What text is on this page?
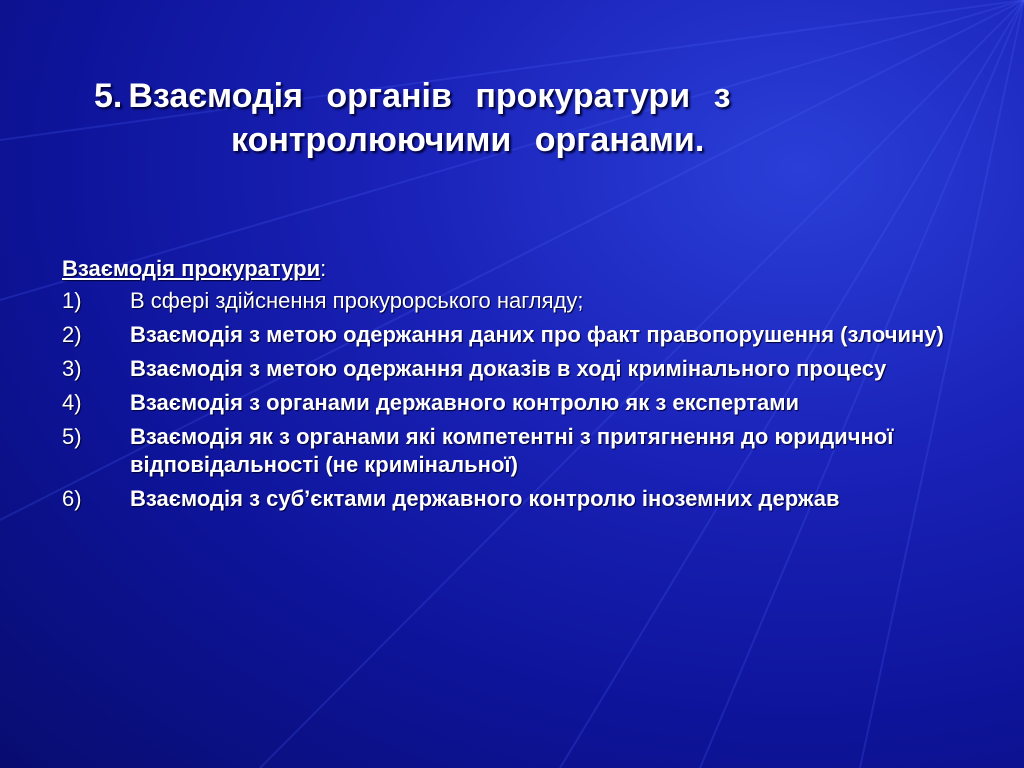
5. Взаємодія органів прокуратури з
контролюючими органами.

Взаємодія прокуратури:

1) В сфері здійснення прокурорського нагляду;
2) Взаємодія з метою одержання даних про факт правопорушення (злочину)
3) Взаємодія з метою одержання доказів в ході кримінального процесу
4) Взаємодія з органами державного контролю як з експертами
5) Взаємодія як з органами які компетентні з притягнення до юридичної відповідальності (не кримінальної)
6) Взаємодія з суб’єктами державного контролю іноземних держав
